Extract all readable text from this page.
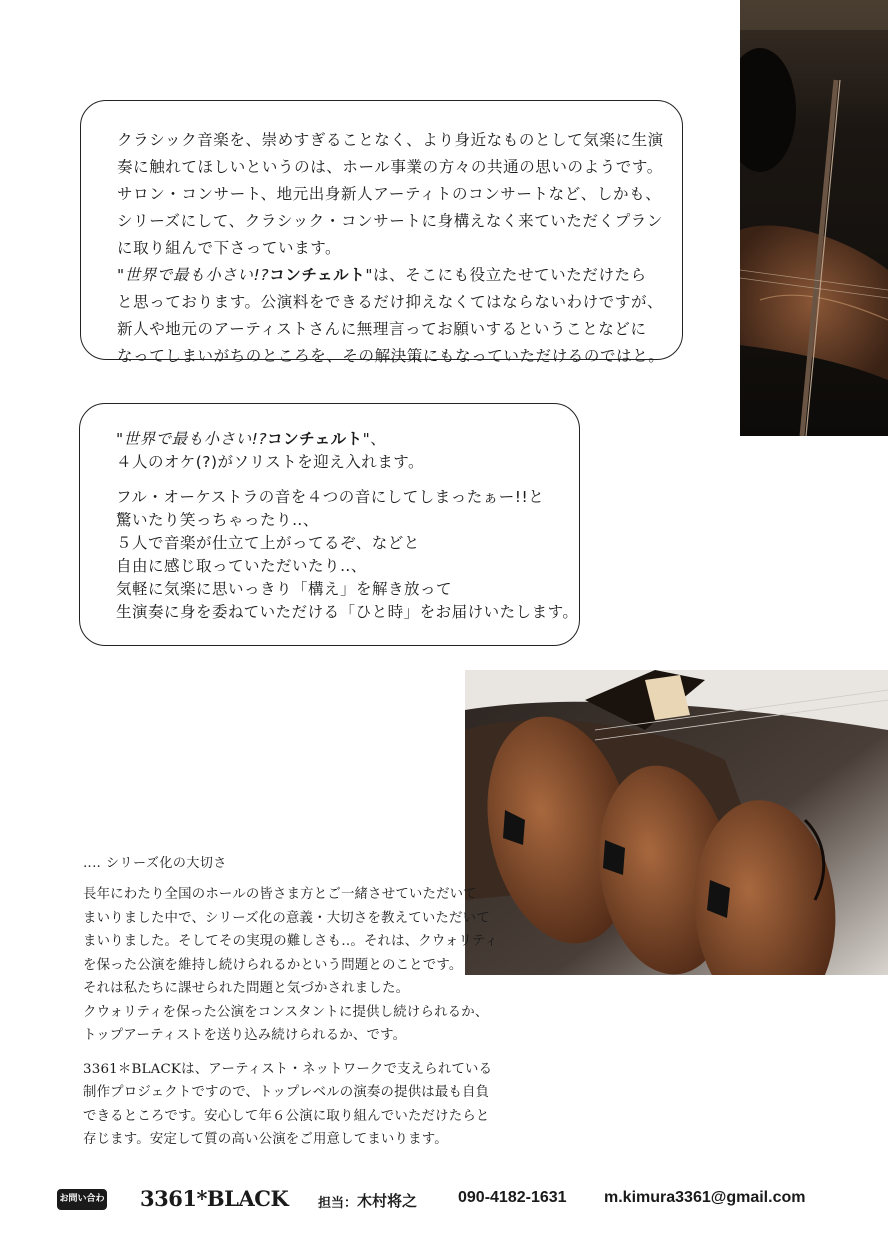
クラシック音楽を、崇めすぎることなく、より身近なものとして気楽に生演

奏に触れてほしいというのは、ホール事業の方々の共通の思いのようです。

サロン・コンサート、地元出身新人アーティトのコンサートなど、しかも、

シリーズにして、クラシック・コンサートに身構えなく来ていただくプラン

に取り組んで下さっています。

"世界で最も小さい!?コンチェルト"は、そこにも役立たせていただけたら

と思っております。公演料をできるだけ抑えなくてはならないわけですが、

新人や地元のアーティストさんに無理言ってお願いするということなどに

なってしまいがちのところを、その解決策にもなっていただけるのではと。

"世界で最も小さい!?コンチェルト"、

４人のオケ(?)がソリストを迎え入れます。

フル・オーケストラの音を４つの音にしてしまったぁー!!と

驚いたり笑っちゃったり‥、

５人で音楽が仕立て上がってるぞ、などと

自由に感じ取っていただいたり‥、

気軽に気楽に思いっきり「構え」を解き放って

生演奏に身を委ねていただける「ひと時」をお届けいたします。

‥‥ シリーズ化の大切さ
長年にわたり全国のホールの皆さま方とご一緒させていただいて
まいりました中で、シリーズ化の意義・大切さを教えていただいて
まいりました。そしてその実現の難しさも‥。それは、クウォリティ
を保った公演を維持し続けられるかという問題とのことです。
それは私たちに課せられた問題と気づかされました。
クウォリティを保った公演をコンスタントに提供し続けられるか、
トップアーティストを送り込み続けられるか、です。
3361＊BLACKは、アーティスト・ネットワークで支えられている
制作プロジェクトですので、トップレベルの演奏の提供は最も自負
できるところです。安心して年６公演に取り組んでいただけたらと
存じます。安定して質の高い公演をご用意してまいります。
お問い合わせ
3361*BLACK 担当： 木村将之	090-4182-1631 m.kimura3361@gmail.com
